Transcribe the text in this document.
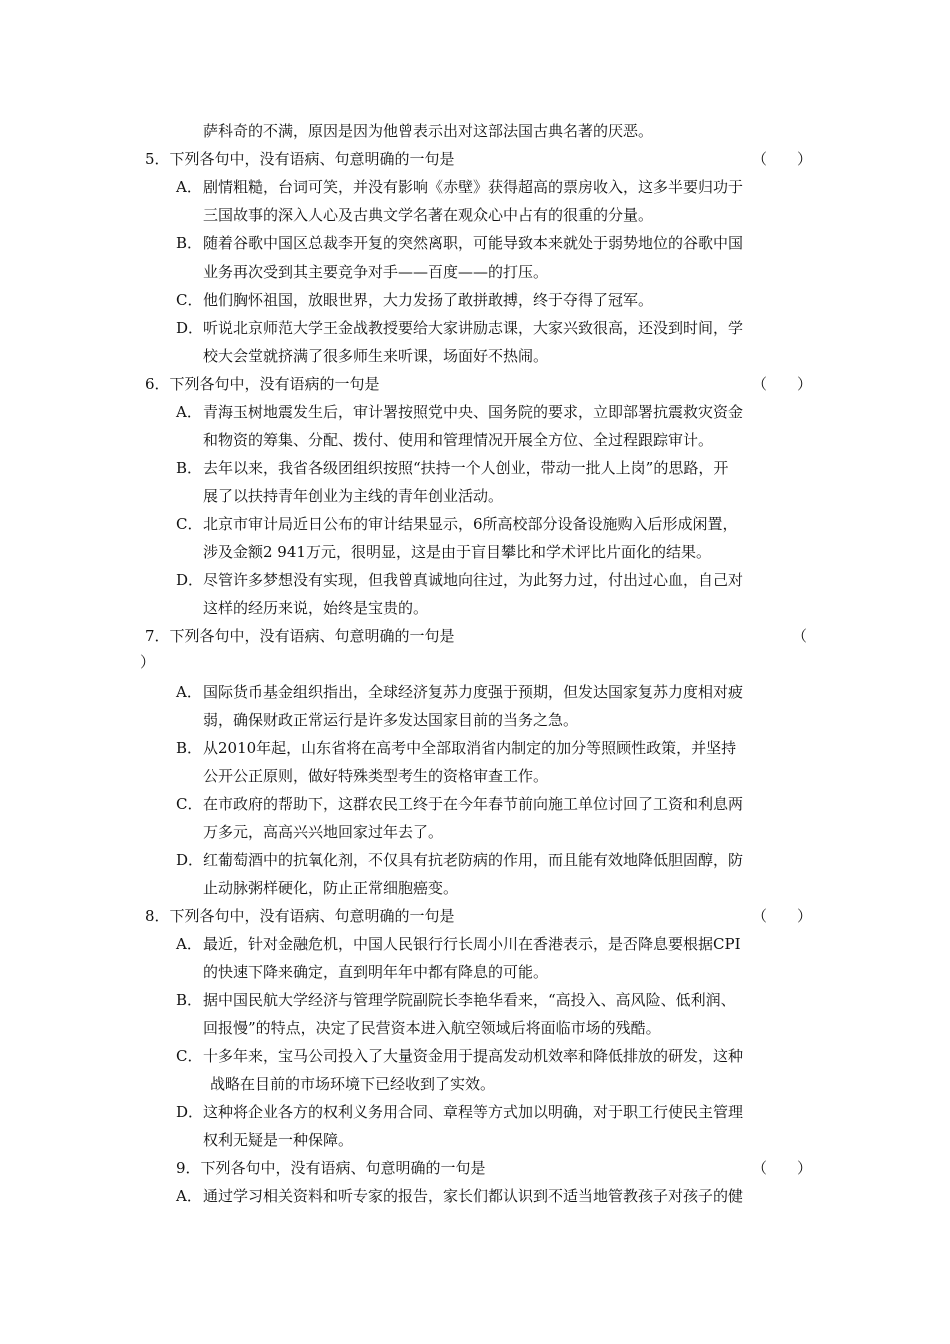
萨科奇的不满，原因是因为他曾表示出对这部法国古典名著的厌恶。
5．下列各句中，没有语病、句意明确的一句是	（　　）
A． 剧情粗糙，台词可笑，并没有影响《赤壁》获得超高的票房收入，这多半要归功于
三国故事的深入人心及古典文学名著在观众心中占有的很重的分量。
B． 随着谷歌中国区总裁李开复的突然离职，可能导致本来就处于弱势地位的谷歌中国
业务再次受到其主要竞争对手——百度——的打压。
C． 他们胸怀祖国，放眼世界，大力发扬了敢拼敢搏，终于夺得了冠军。
D． 听说北京师范大学王金战教授要给大家讲励志课，大家兴致很高，还没到时间，学
校大会堂就挤满了很多师生来听课，场面好不热闹。
6．下列各句中，没有语病的一句是	（　　）
A． 青海玉树地震发生后，审计署按照党中央、国务院的要求，立即部署抗震救灾资金
和物资的筹集、分配、拨付、使用和管理情况开展全方位、全过程跟踪审计。
B． 去年以来，我省各级团组织按照“扶持一个人创业，带动一批人上岗”的思路，开
展了以扶持青年创业为主线的青年创业活动。
C． 北京市审计局近日公布的审计结果显示，6所高校部分设备设施购入后形成闲置，
涉及金额2 941万元，很明显，这是由于盲目攀比和学术评比片面化的结果。
D． 尽管许多梦想没有实现，但我曾真诚地向往过，为此努力过，付出过心血，自己对
这样的经历来说，始终是宝贵的。
7．下列各句中，没有语病、句意明确的一句是	（
）
A． 国际货币基金组织指出，全球经济复苏力度强于预期，但发达国家复苏力度相对疲
弱，确保财政正常运行是许多发达国家目前的当务之急。
B． 从2010年起，山东省将在高考中全部取消省内制定的加分等照顾性政策，并坚持
公开公正原则，做好特殊类型考生的资格审查工作。
C． 在市政府的帮助下，这群农民工终于在今年春节前向施工单位讨回了工资和利息两
万多元，高高兴兴地回家过年去了。
D． 红葡萄酒中的抗氧化剂，不仅具有抗老防病的作用，而且能有效地降低胆固醇，防
止动脉粥样硬化，防止正常细胞癌变。
8．下列各句中，没有语病、句意明确的一句是	（　　）
A． 最近，针对金融危机，中国人民银行行长周小川在香港表示，是否降息要根据CPI
的快速下降来确定，直到明年年中都有降息的可能。
B． 据中国民航大学经济与管理学院副院长李艳华看来，“高投入、高风险、低利润、
回报慢”的特点，决定了民营资本进入航空领域后将面临市场的残酷。
C． 十多年来，宝马公司投入了大量资金用于提高发动机效率和降低排放的研发，这种
战略在目前的市场环境下已经收到了实效。
D． 这种将企业各方的权利义务用合同、章程等方式加以明确，对于职工行使民主管理
权利无疑是一种保障。
9．下列各句中，没有语病、句意明确的一句是	（　　）
A． 通过学习相关资料和听专家的报告，家长们都认识到不适当地管教孩子对孩子的健
